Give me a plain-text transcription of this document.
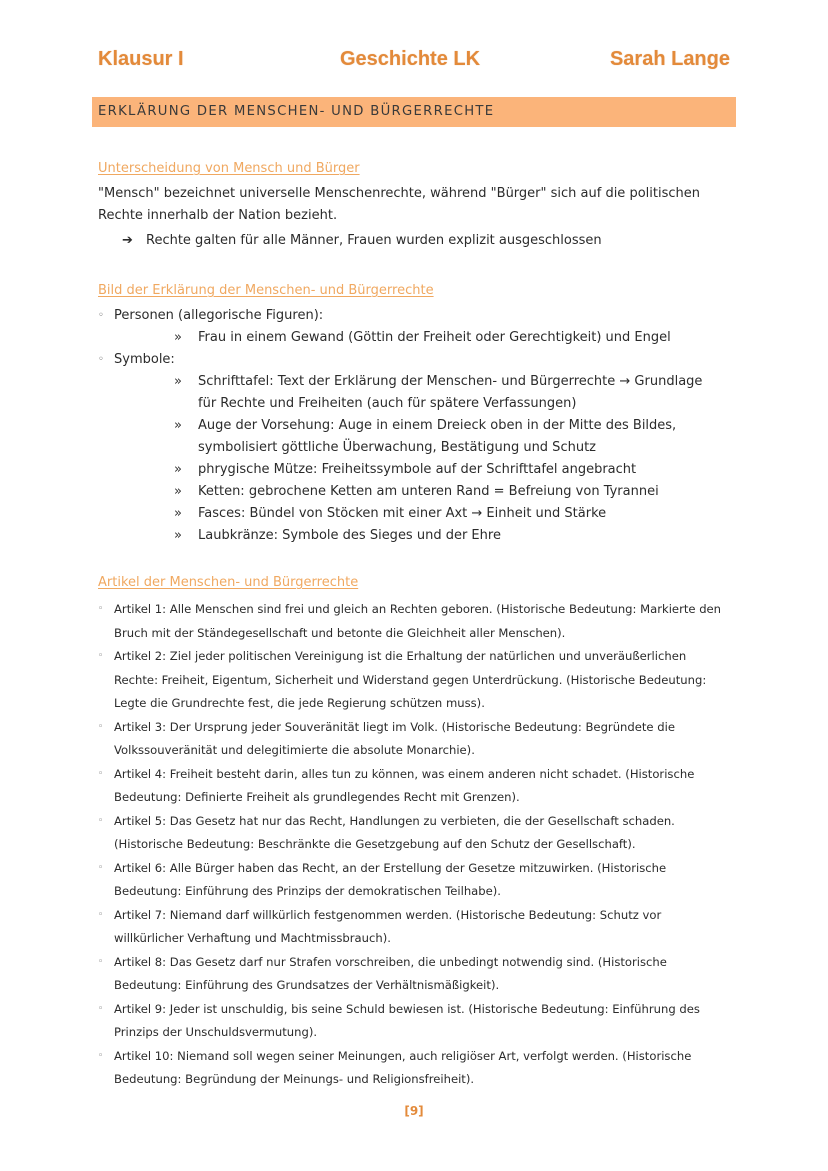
Klausur I	Geschichte LK	Sarah Lange
ERKLÄRUNG DER MENSCHEN- UND BÜRGERRECHTE
Unterscheidung von Mensch und Bürger
"Mensch" bezeichnet universelle Menschenrechte, während "Bürger" sich auf die politischen
Rechte innerhalb der Nation bezieht.
➔ Rechte galten für alle Männer, Frauen wurden explizit ausgeschlossen
Bild der Erklärung der Menschen- und Bürgerrechte
◦ Personen (allegorische Figuren):
» Frau in einem Gewand (Göttin der Freiheit oder Gerechtigkeit) und Engel
◦ Symbole:
» Schrifttafel: Text der Erklärung der Menschen- und Bürgerrechte → Grundlage für Rechte und Freiheiten (auch für spätere Verfassungen)
» Auge der Vorsehung: Auge in einem Dreieck oben in der Mitte des Bildes, symbolisiert göttliche Überwachung, Bestätigung und Schutz
» phrygische Mütze: Freiheitssymbole auf der Schrifttafel angebracht
» Ketten: gebrochene Ketten am unteren Rand = Befreiung von Tyrannei
» Fasces: Bündel von Stöcken mit einer Axt → Einheit und Stärke
» Laubkränze: Symbole des Sieges und der Ehre
Artikel der Menschen- und Bürgerrechte
◦ Artikel 1: Alle Menschen sind frei und gleich an Rechten geboren. (Historische Bedeutung: Markierte den Bruch mit der Ständegesellschaft und betonte die Gleichheit aller Menschen).
◦ Artikel 2: Ziel jeder politischen Vereinigung ist die Erhaltung der natürlichen und unveräußerlichen Rechte: Freiheit, Eigentum, Sicherheit und Widerstand gegen Unterdrückung. (Historische Bedeutung: Legte die Grundrechte fest, die jede Regierung schützen muss).
◦ Artikel 3: Der Ursprung jeder Souveränität liegt im Volk. (Historische Bedeutung: Begründete die Volkssouveränität und delegitimierte die absolute Monarchie).
◦ Artikel 4: Freiheit besteht darin, alles tun zu können, was einem anderen nicht schadet. (Historische Bedeutung: Definierte Freiheit als grundlegendes Recht mit Grenzen).
◦ Artikel 5: Das Gesetz hat nur das Recht, Handlungen zu verbieten, die der Gesellschaft schaden. (Historische Bedeutung: Beschränkte die Gesetzgebung auf den Schutz der Gesellschaft).
◦ Artikel 6: Alle Bürger haben das Recht, an der Erstellung der Gesetze mitzuwirken. (Historische Bedeutung: Einführung des Prinzips der demokratischen Teilhabe).
◦ Artikel 7: Niemand darf willkürlich festgenommen werden. (Historische Bedeutung: Schutz vor willkürlicher Verhaftung und Machtmissbrauch).
◦ Artikel 8: Das Gesetz darf nur Strafen vorschreiben, die unbedingt notwendig sind. (Historische Bedeutung: Einführung des Grundsatzes der Verhältnismäßigkeit).
◦ Artikel 9: Jeder ist unschuldig, bis seine Schuld bewiesen ist. (Historische Bedeutung: Einführung des Prinzips der Unschuldsvermutung).
◦ Artikel 10: Niemand soll wegen seiner Meinungen, auch religiöser Art, verfolgt werden. (Historische Bedeutung: Begründung der Meinungs- und Religionsfreiheit).
[9]
